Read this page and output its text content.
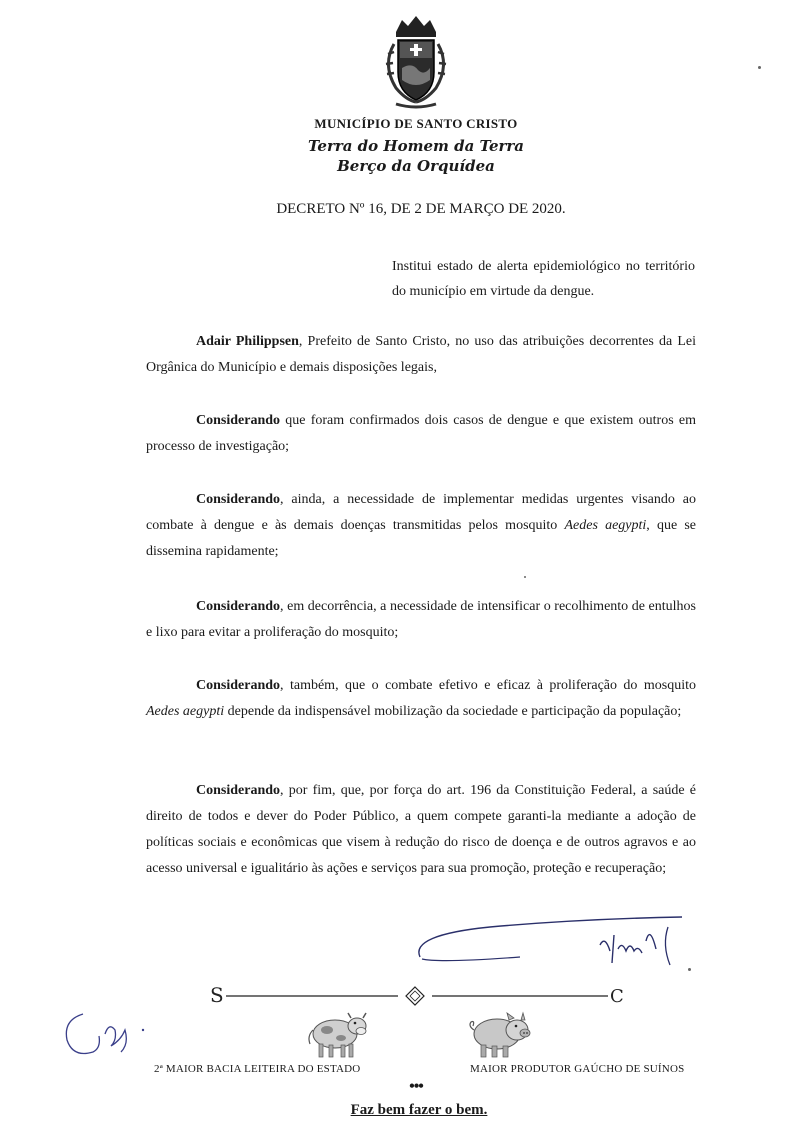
MUNICÍPIO DE SANTO CRISTO
Terra do Homem da Terra
Berço da Orquídea
DECRETO Nº 16, DE 2 DE MARÇO DE 2020.
Institui estado de alerta epidemiológico no território do município em virtude da dengue.
Adair Philippsen, Prefeito de Santo Cristo, no uso das atribuições decorrentes da Lei Orgânica do Município e demais disposições legais,
Considerando que foram confirmados dois casos de dengue e que existem outros em processo de investigação;
Considerando, ainda, a necessidade de implementar medidas urgentes visando ao combate à dengue e às demais doenças transmitidas pelos mosquito Aedes aegypti, que se dissemina rapidamente;
Considerando, em decorrência, a necessidade de intensificar o recolhimento de entulhos e lixo para evitar a proliferação do mosquito;
Considerando, também, que o combate efetivo e eficaz à proliferação do mosquito Aedes aegypti depende da indispensável mobilização da sociedade e participação da população;
Considerando, por fim, que, por força do art. 196 da Constituição Federal, a saúde é direito de todos e dever do Poder Público, a quem compete garanti-la mediante a adoção de políticas sociais e econômicas que visem à redução do risco de doença e de outros agravos e ao acesso universal e igualitário às ações e serviços para sua promoção, proteção e recuperação;
S	C
2ª MAIOR BACIA LEITEIRA DO ESTADO	MAIOR PRODUTOR GAÚCHO DE SUÍNOS
•••
Faz bem fazer o bem.
